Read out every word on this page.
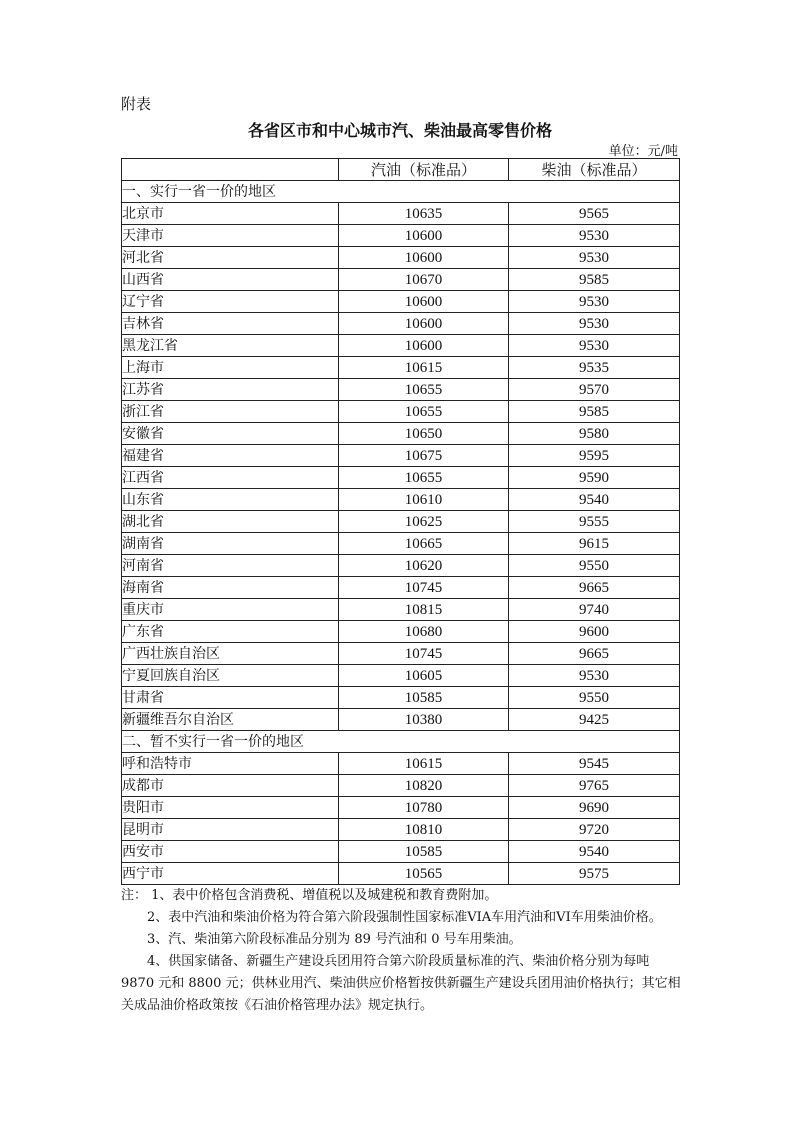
附表
各省区市和中心城市汽、柴油最高零售价格
单位：元/吨
	汽油（标准品）	柴油（标准品）
一、实行一省一价的地区		
北京市	10635	9565
天津市	10600	9530
河北省	10600	9530
山西省	10670	9585
辽宁省	10600	9530
吉林省	10600	9530
黑龙江省	10600	9530
上海市	10615	9535
江苏省	10655	9570
浙江省	10655	9585
安徽省	10650	9580
福建省	10675	9595
江西省	10655	9590
山东省	10610	9540
湖北省	10625	9555
湖南省	10665	9615
河南省	10620	9550
海南省	10745	9665
重庆市	10815	9740
广东省	10680	9600
广西壮族自治区	10745	9665
宁夏回族自治区	10605	9530
甘肃省	10585	9550
新疆维吾尔自治区	10380	9425
二、暂不实行一省一价的地区		
呼和浩特市	10615	9545
成都市	10820	9765
贵阳市	10780	9690
昆明市	10810	9720
西安市	10585	9540
西宁市	10565	9575

注： 1、表中价格包含消费税、增值税以及城建税和教育费附加。

2、表中汽油和柴油价格为符合第六阶段强制性国家标准VIA车用汽油和VI车用柴油价格。

3、汽、柴油第六阶段标准品分别为 89 号汽油和 0 号车用柴油。

4、供国家储备、新疆生产建设兵团用符合第六阶段质量标准的汽、柴油价格分别为每吨 9870 元和 8800 元；供林业用汽、柴油供应价格暂按供新疆生产建设兵团用油价格执行；其它相关成品油价格政策按《石油价格管理办法》规定执行。
